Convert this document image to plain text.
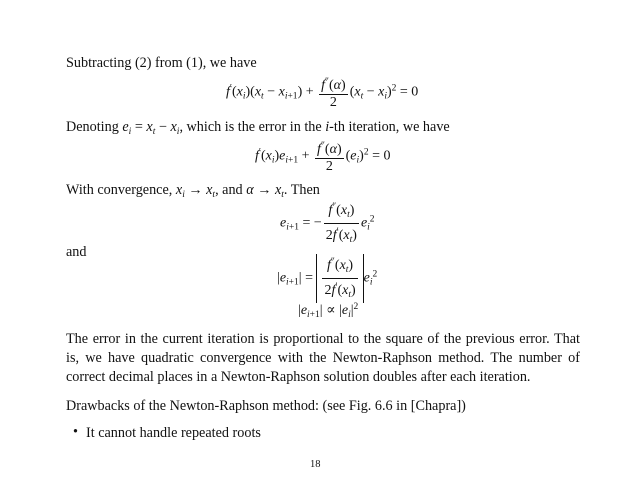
Subtracting (2) from (1), we have
$f'(x_i)(x_t - x_{i+1}) + \frac{f''(\alpha)}{2} (x_t - x_i)^2 = 0$
Denoting $e_i = x_t - x_i$, which is the error in the i-th iteration, we have
$f'(x_i)e_{i+1} + \frac{f''(\alpha)}{2} (e_i)^2 = 0$
With convergence, $x_i \to x_t$, and $\alpha \to x_t$. Then
$e_{i+1}$ = − $\frac{f''(x_t)}{2f'(x_t)} e_i^2$
and
$|e_{i+1}| = \frac{f''(x_t)}{2f'(x_t)} e_i^2$
$|e_{i+1}| \propto |e_i|^2$
The error in the current iteration is proportional to the square of the previous error. That is, we have quadratic convergence with the Newton-Raphson method. The number of correct decimal places in a Newton-Raphson solution doubles after each iteration.
Drawbacks of the Newton-Raphson method: (see Fig. 6.6 in [Chapra])
• It cannot handle repeated roots
18
